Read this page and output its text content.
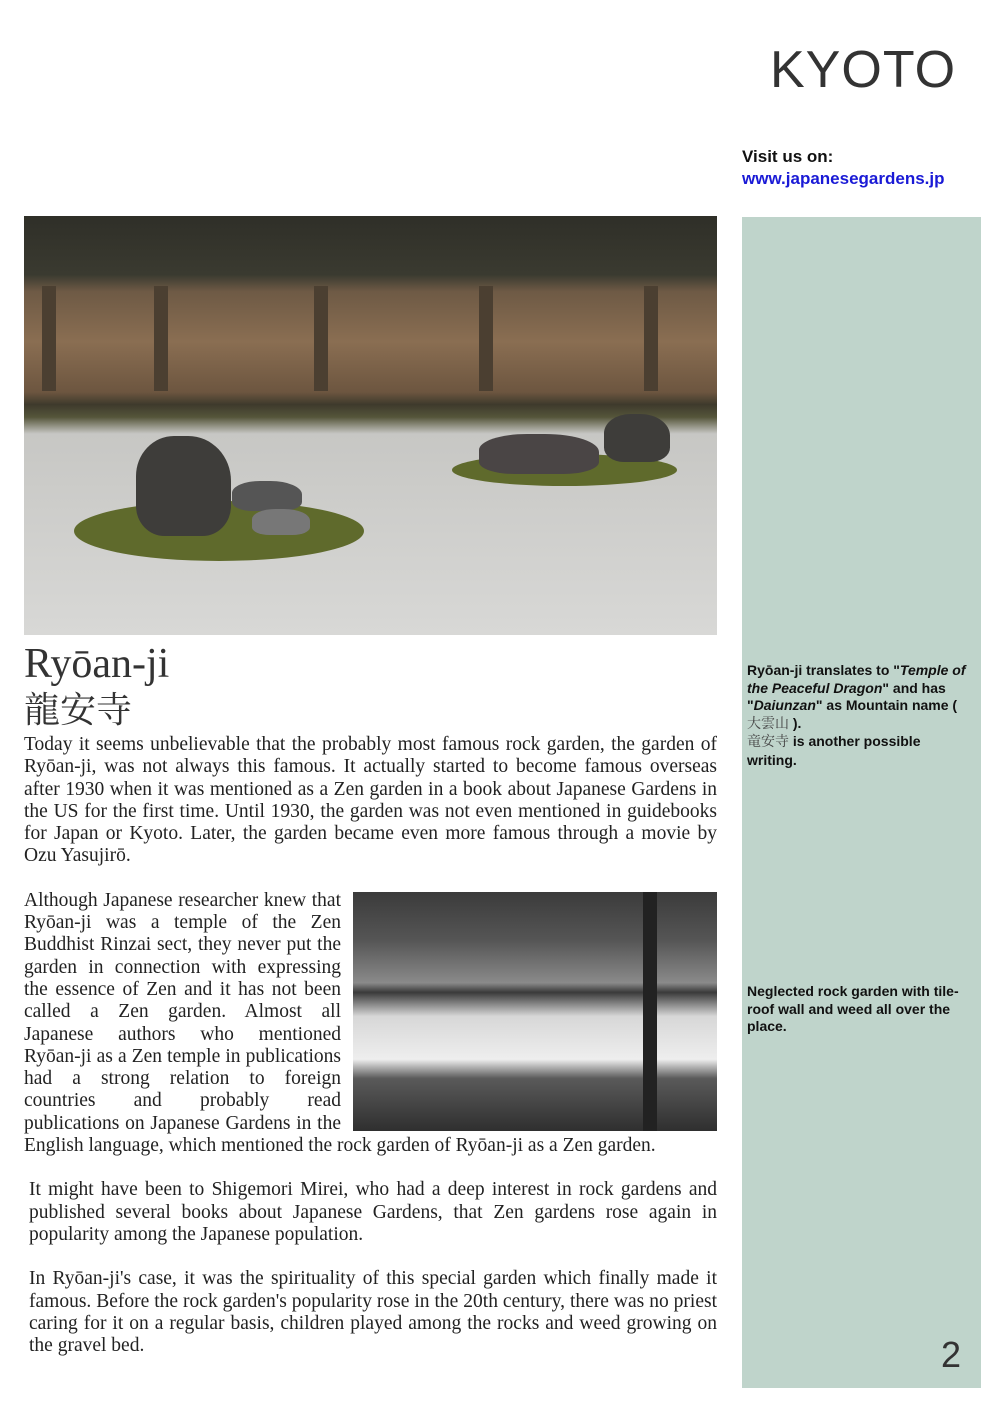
KYOTO
Visit us on:
www.japanesegardens.jp
Ryōan-ji
龍安寺

Today it seems unbelievable that the probably most famous rock garden, the garden of Ryōan-ji, was not always this famous. It actually started to become famous overseas after 1930 when it was mentioned as a Zen garden in a book about Japanese Gardens in the US for the first time. Until 1930, the garden was not even mentioned in guidebooks for Japan or Kyoto. Later, the garden became even more famous through a movie by Ozu Yasujirō.

Although Japanese researcher knew that Ryōan-ji was a temple of the Zen Buddhist Rinzai sect, they never put the garden in connection with expressing the essence of Zen and it has not been called a Zen garden. Almost all Japanese authors who mentioned Ryōan-ji as a Zen temple in publications had a strong relation to foreign countries and probably read publications on Japanese Gardens in the English language, which mentioned the rock garden of Ryōan-ji as a Zen garden.

It might have been to Shigemori Mirei, who had a deep interest in rock gardens and published several books about Japanese Gardens, that Zen gardens rose again in popularity among the Japanese population.

In Ryōan-ji's case, it was the spirituality of this special garden which finally made it famous. Before the rock garden's popularity rose in the 20th century, there was no priest caring for it on a regular basis, children played among the rocks and weed growing on the gravel bed.

Ryōan-ji translates to "Temple of the Peaceful Dragon" and has "Daiunzan" as Mountain name ( 大雲山 ).
竜安寺 is another possible writing.
Neglected rock garden with tile-roof wall and weed all over the place.
2
